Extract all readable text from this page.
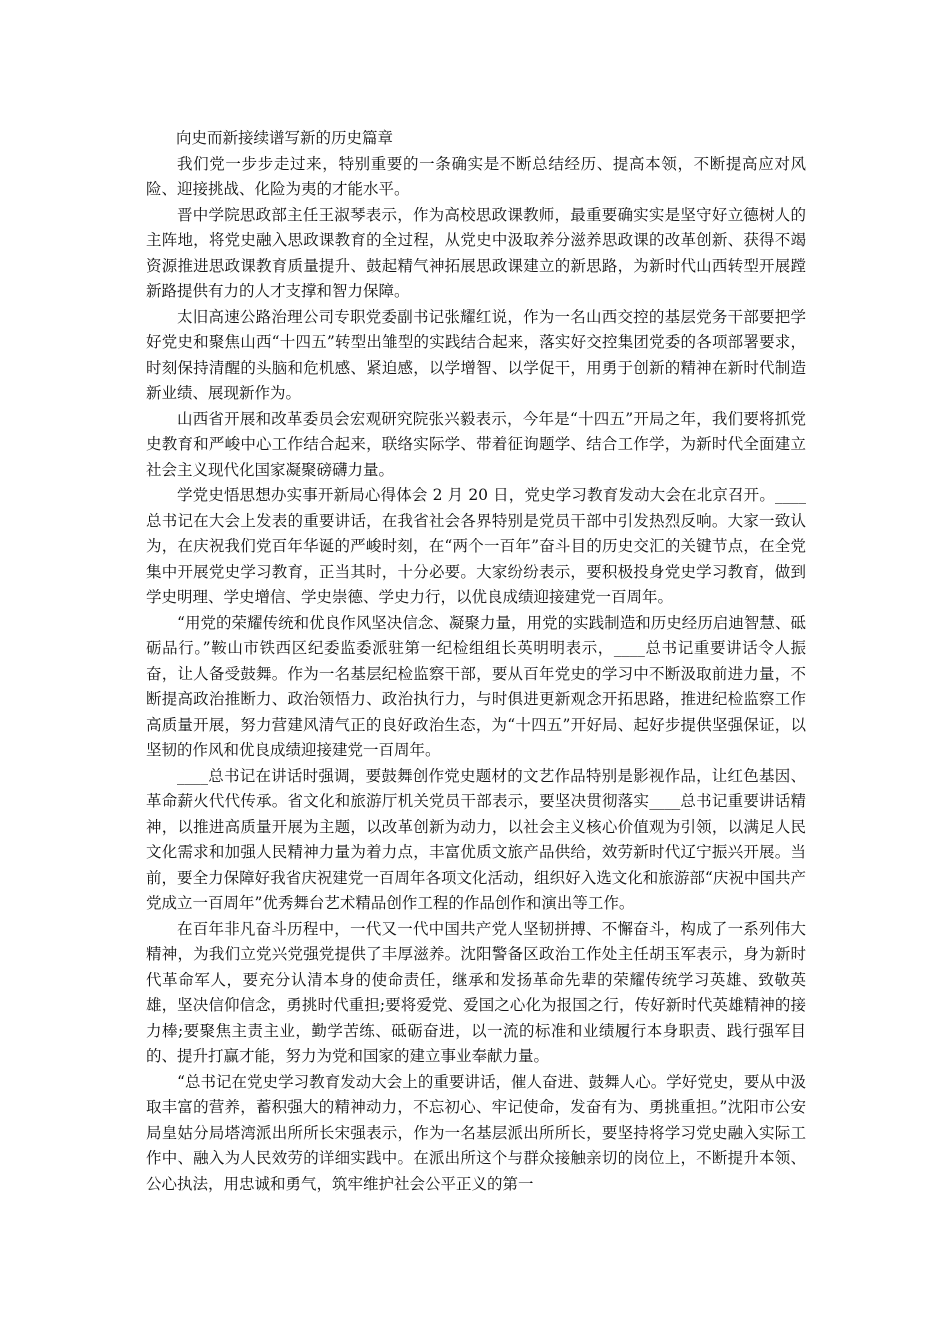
向史而新接续谱写新的历史篇章

我们党一步步走过来，特别重要的一条确实是不断总结经历、提高本领，不断提高应对风险、迎接挑战、化险为夷的才能水平。

晋中学院思政部主任王淑琴表示，作为高校思政课教师，最重要确实实是坚守好立德树人的主阵地，将党史融入思政课教育的全过程，从党史中汲取养分滋养思政课的改革创新、获得不竭资源推进思政课教育质量提升、鼓起精气神拓展思政课建立的新思路，为新时代山西转型开展蹚新路提供有力的人才支撑和智力保障。

太旧高速公路治理公司专职党委副书记张耀红说，作为一名山西交控的基层党务干部要把学好党史和聚焦山西“十四五”转型出雏型的实践结合起来，落实好交控集团党委的各项部署要求，时刻保持清醒的头脑和危机感、紧迫感，以学增智、以学促干，用勇于创新的精神在新时代制造新业绩、展现新作为。

山西省开展和改革委员会宏观研究院张兴毅表示，今年是“十四五”开局之年，我们要将抓党史教育和严峻中心工作结合起来，联络实际学、带着征询题学、结合工作学，为新时代全面建立社会主义现代化国家凝聚磅礴力量。

学党史悟思想办实事开新局心得体会 2 月 20 日，党史学习教育发动大会在北京召开。____总书记在大会上发表的重要讲话，在我省社会各界特别是党员干部中引发热烈反响。大家一致认为，在庆祝我们党百年华诞的严峻时刻，在“两个一百年”奋斗目的历史交汇的关键节点，在全党集中开展党史学习教育，正当其时，十分必要。大家纷纷表示，要积极投身党史学习教育，做到学史明理、学史增信、学史崇德、学史力行，以优良成绩迎接建党一百周年。

“用党的荣耀传统和优良作风坚决信念、凝聚力量，用党的实践制造和历史经历启迪智慧、砥砺品行。”鞍山市铁西区纪委监委派驻第一纪检组组长英明明表示，____总书记重要讲话令人振奋，让人备受鼓舞。作为一名基层纪检监察干部，要从百年党史的学习中不断汲取前进力量，不断提高政治推断力、政治领悟力、政治执行力，与时俱进更新观念开拓思路，推进纪检监察工作高质量开展，努力营建风清气正的良好政治生态，为“十四五”开好局、起好步提供坚强保证，以坚韧的作风和优良成绩迎接建党一百周年。

____总书记在讲话时强调，要鼓舞创作党史题材的文艺作品特别是影视作品，让红色基因、革命薪火代代传承。省文化和旅游厅机关党员干部表示，要坚决贯彻落实____总书记重要讲话精神，以推进高质量开展为主题，以改革创新为动力，以社会主义核心价值观为引领，以满足人民文化需求和加强人民精神力量为着力点，丰富优质文旅产品供给，效劳新时代辽宁振兴开展。当前，要全力保障好我省庆祝建党一百周年各项文化活动，组织好入选文化和旅游部“庆祝中国共产党成立一百周年”优秀舞台艺术精品创作工程的作品创作和演出等工作。

在百年非凡奋斗历程中，一代又一代中国共产党人坚韧拼搏、不懈奋斗，构成了一系列伟大精神，为我们立党兴党强党提供了丰厚滋养。沈阳警备区政治工作处主任胡玉军表示，身为新时代革命军人，要充分认清本身的使命责任，继承和发扬革命先辈的荣耀传统学习英雄、致敬英雄，坚决信仰信念，勇挑时代重担;要将爱党、爱国之心化为报国之行，传好新时代英雄精神的接力棒;要聚焦主责主业，勤学苦练、砥砺奋进，以一流的标准和业绩履行本身职责、践行强军目的、提升打赢才能，努力为党和国家的建立事业奉献力量。

“总书记在党史学习教育发动大会上的重要讲话，催人奋进、鼓舞人心。学好党史，要从中汲取丰富的营养，蓄积强大的精神动力，不忘初心、牢记使命，发奋有为、勇挑重担。”沈阳市公安局皇姑分局塔湾派出所所长宋强表示，作为一名基层派出所所长，要坚持将学习党史融入实际工作中、融入为人民效劳的详细实践中。在派出所这个与群众接触亲切的岗位上，不断提升本领、公心执法，用忠诚和勇气，筑牢维护社会公平正义的第一
